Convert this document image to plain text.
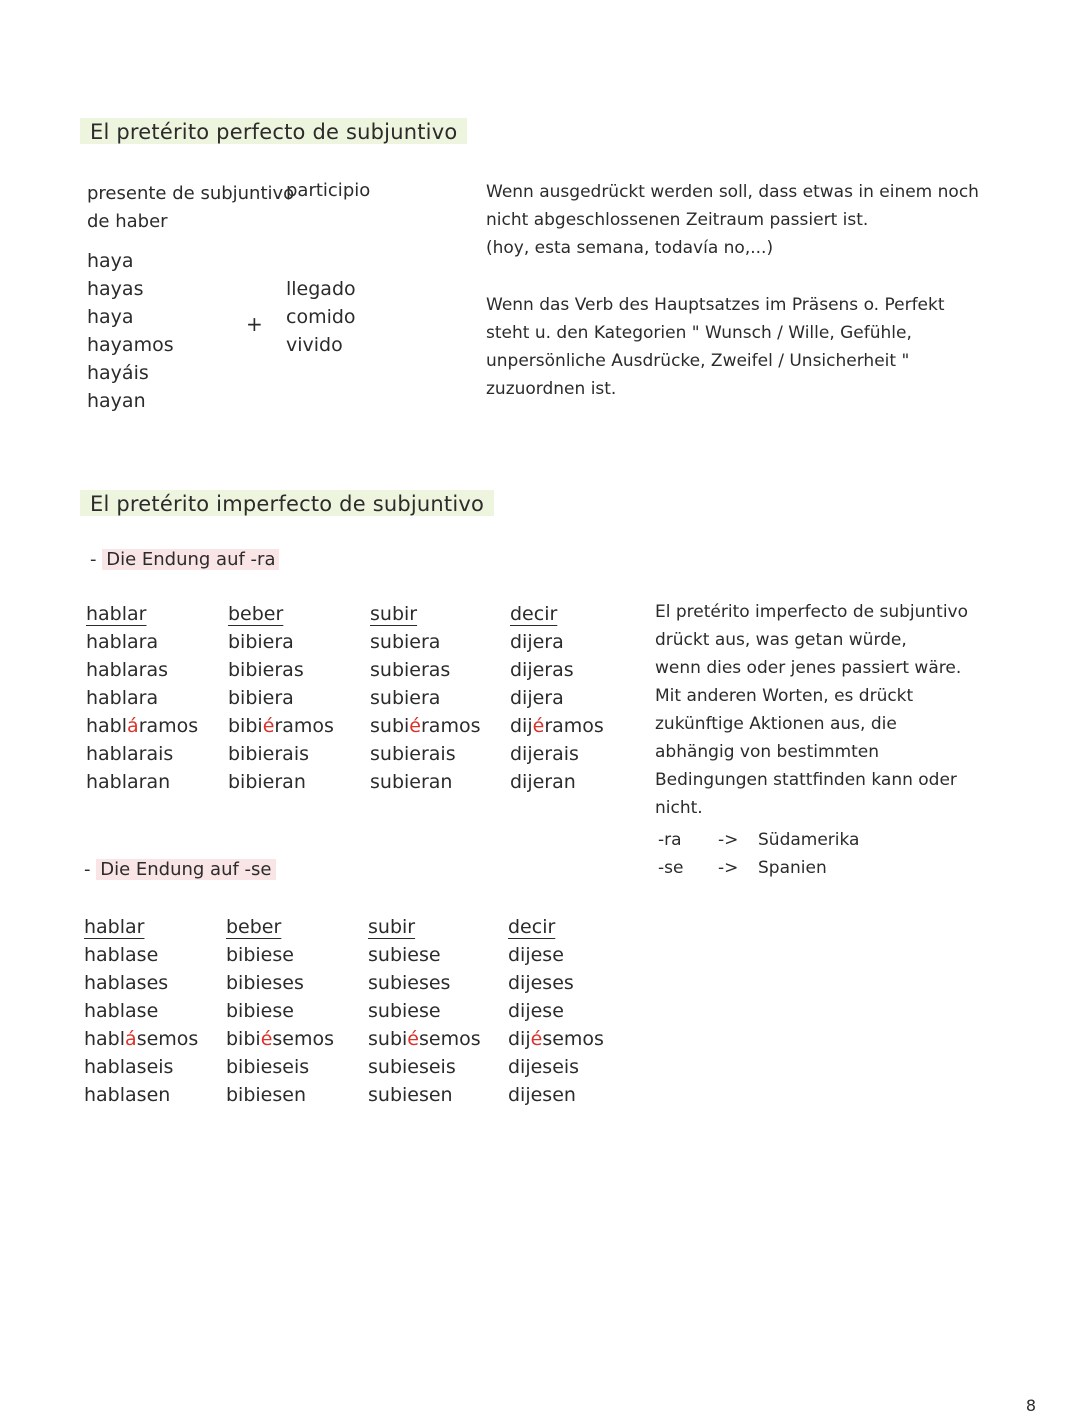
El pretérito perfecto de subjuntivo
presente de subjuntivo
de haber
participio
haya
hayas
haya
hayamos
hayáis
hayan
+
llegado
comido
vivido
Wenn ausgedrückt werden soll, dass etwas in einem noch
nicht abgeschlossenen Zeitraum passiert ist.
(hoy, esta semana, todavía no,...)
Wenn das Verb des Hauptsatzes im Präsens o. Perfekt
steht u. den Kategorien " Wunsch / Wille, Gefühle,
unpersönliche Ausdrücke, Zweifel / Unsicherheit "
zuzuordnen ist.
El pretérito imperfecto de subjuntivo
- Die Endung auf -ra
hablar
hablara
hablaras
hablara
habláramos
hablarais
hablaran
beber
bibiera
bibieras
bibiera
bibiéramos
bibierais
bibieran
subir
subiera
subieras
subiera
subiéramos
subierais
subieran
decir
dijera
dijeras
dijera
dijéramos
dijerais
dijeran
El pretérito imperfecto de subjuntivo
drückt aus, was getan würde,
wenn dies oder jenes passiert wäre.
Mit anderen Worten, es drückt
zukünftige Aktionen aus, die
abhängig von bestimmten
Bedingungen stattfinden kann oder
nicht.
-ra -> Südamerika
-se -> Spanien
- Die Endung auf -se
hablar
hablase
hablases
hablase
hablásemos
hablaseis
hablasen
beber
bibiese
bibieses
bibiese
bibiésemos
bibieseis
bibiesen
subir
subiese
subieses
subiese
subiésemos
subieseis
subiesen
decir
dijese
dijeses
dijese
dijésemos
dijeseis
dijesen
8
